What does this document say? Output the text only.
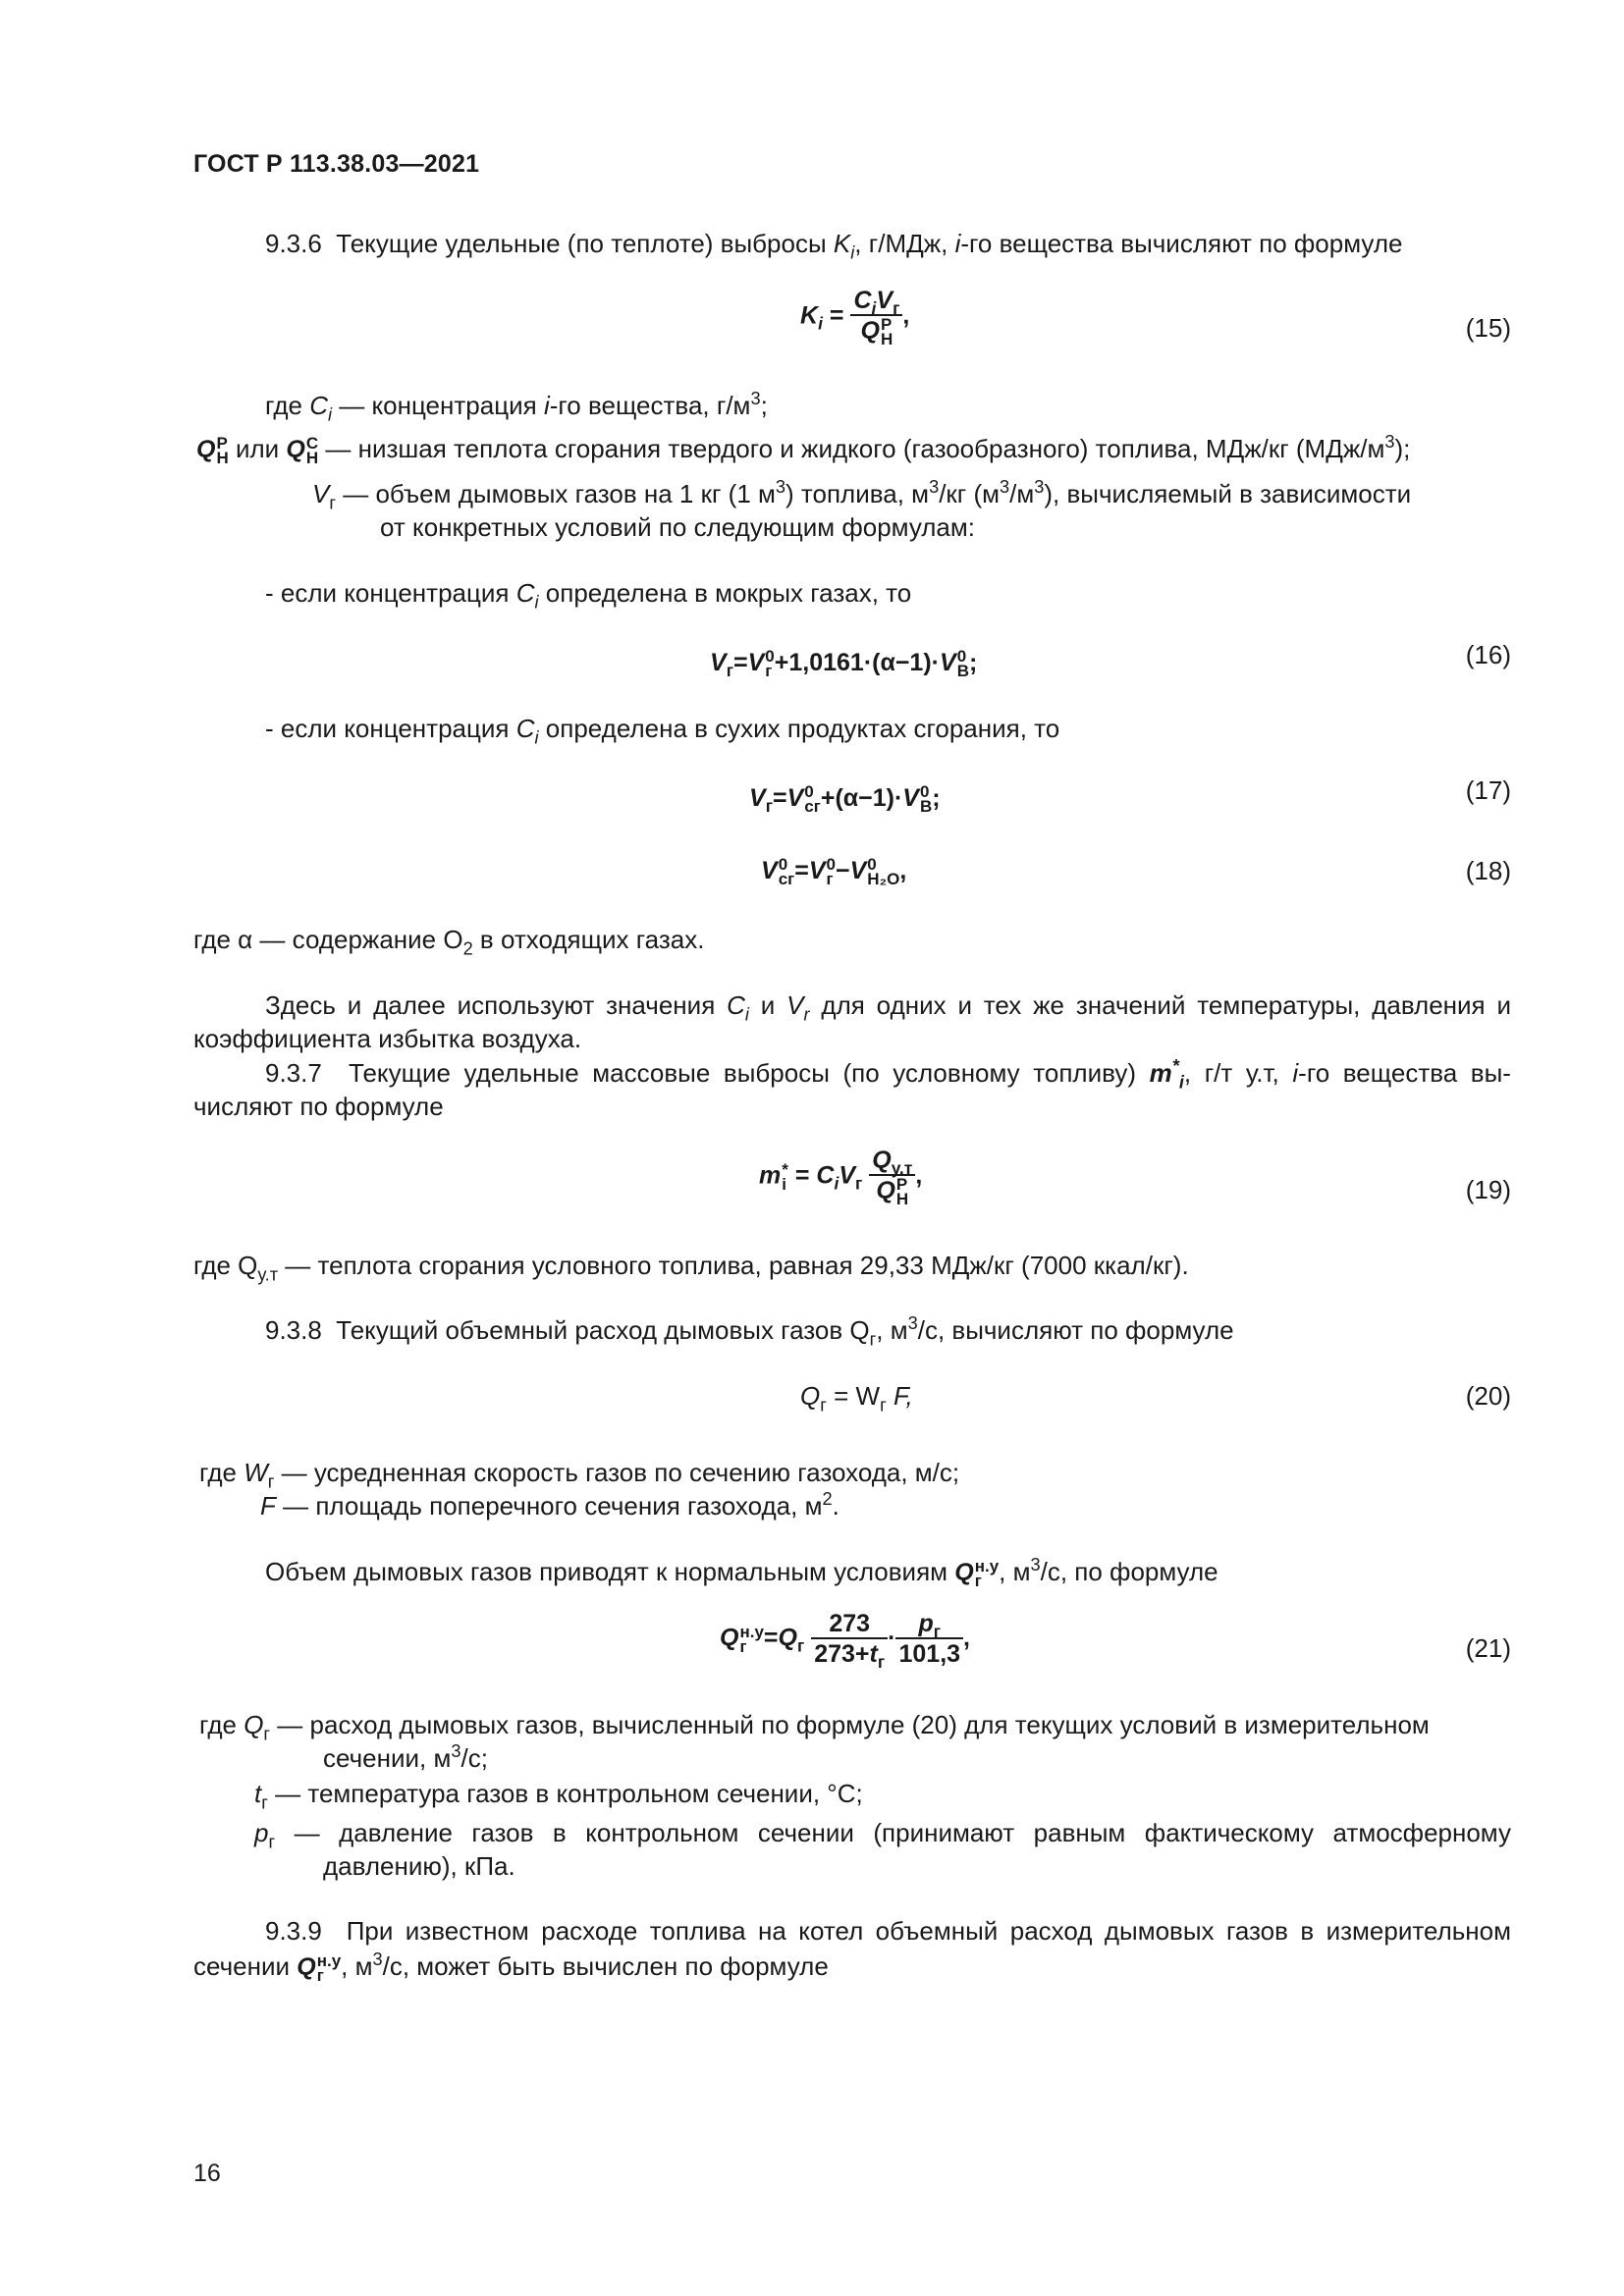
ГОСТ Р 113.38.03—2021
9.3.6 Текущие удельные (по теплоте) выбросы $K_i$, г/МДж, i-го вещества вычисляют по формуле
$K_i$ =
$C_iV_г$
Q P
H
,	(15)
где $C_i$ — концентрация i-го вещества, $г/м^3$;
Q P
H или Q C
H — низшая теплота сгорания твердого и жидкого (газообразного) топлива, МДж/кг $(МДж/м^3)$;
$V_г$ — объем дымовых газов на 1 кг (1 $м^3$) топлива, $м^3/кг$ $(м^3/м^3)$, вычисляемый в зависимости
от конкретных условий по следующим формулам:
- если концентрация $C_i$ определена в мокрых газах, то
$V_г=V$ 0
г +1,0161·(α−1)·V 0
B ;	(16)
- если концентрация $C_i$ определена в сухих продуктах сгорания, то
$V_г=V$ 0
сг +(α−1)·V 0
B ;	(17)
V 0
сг =V 0
г −V 0
H₂O ,	(18)
где α — содержание $O_2$ в отходящих газах.
Здесь и далее используют значения $C_i$ и $V_r$ для одних и тех же значений температуры, давления и
коэффициента избытка воздуха.
9.3.7 Текущие удельные массовые выбросы (по условному топливу) $m^*_i$, г/т у.т, i-го вещества вы-
числяют по формуле
m *
$i = C_iV_г$
$Q_{у.т}$
Q P
H
,	(19)
где $Q_{у.т}$ — теплота сгорания условного топлива, равная 29,33 МДж/кг (7000 ккал/кг).
9.3.8 Текущий объемный расход дымовых газов $Q_г$, $м^3/с$, вычисляют по формуле
$Q_г = W_г$ F,	(20)
где $W_г$ — усредненная скорость газов по сечению газохода, м/с;
F — площадь поперечного сечения газохода, $м^2$.
Объем дымовых газов приводят к нормальным условиям Q н.у
г , $м^3/с$, по формуле
Q н.у
$г =Q_г$
273
$273+t_г$
·
$p_г$
101,3
,	(21)
где $Q_г$ — расход дымовых газов, вычисленный по формуле (20) для текущих условий в измерительном
сечении, $м^3/с$;
$t_г$ — температура газов в контрольном сечении, °C;
$p_г$ — давление газов в контрольном сечении (принимают равным фактическому атмосферному
давлению), кПа.
9.3.9 При известном расходе топлива на котел объемный расход дымовых газов в измерительном
сечении Q н.у
г , $м^3/с$, может быть вычислен по формуле
16
